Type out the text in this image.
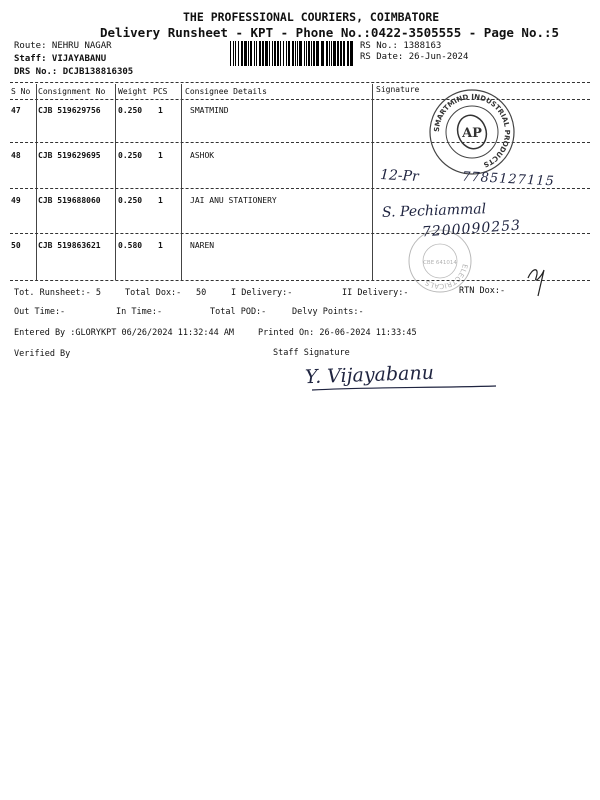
THE PROFESSIONAL COURIERS, COIMBATORE
Delivery Runsheet - KPT - Phone No.:0422-3505555 - Page No.:5
Route: NEHRU NAGAR
Staff: VIJAYABANU
DRS No.: DCJB138816305
RS No.: 1388163
RS Date: 26-Jun-2024
S No Consignment No Weight PCS Consignee Details	Signature
47 CJB 519629756 0.250 1	SMATMIND
48 CJB 519629695 0.250 1	ASHOK
49 CJB 519688060 0.250 1	JAI ANU STATIONERY
50 CJB 519863621 0.580 1	NAREN
SMARTMIND INDUSTRIAL PRODUCTS
AP
12-Pr	7785127115
S. Pechiammal
7200090253
ELECTRICALS
CBE 641014
Tot. Runsheet:- 5	Total Dox:- 50	I Delivery:-	II Delivery:-	RTN Dox:-
Out Time:-	In Time:-	Total POD:-	Delvy Points:-
Entered By :GLORYKPT 06/26/2024 11:32:44 AM	Printed On: 26-06-2024 11:33:45
Verified By	Staff Signature
Y. Vijayabanu
